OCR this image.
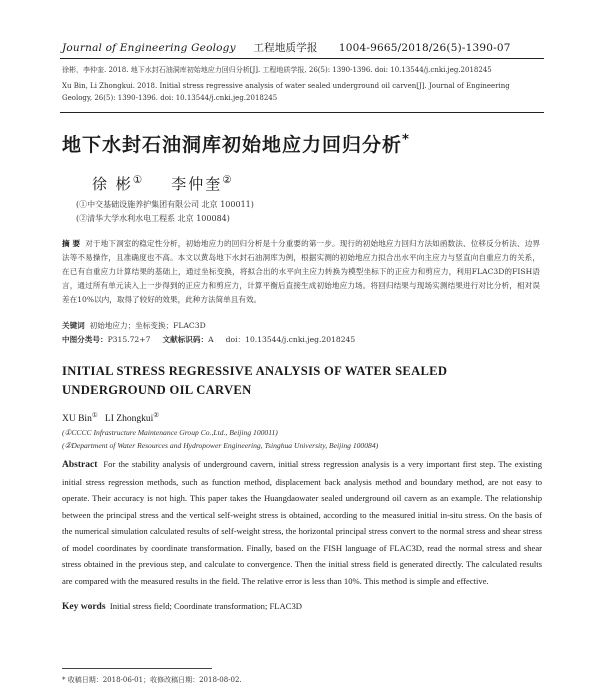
Journal of Engineering Geology 工程地质学报 1004-9665/2018/26(5)-1390-07
徐彬，李仲奎. 2018. 地下水封石油洞库初始地应力回归分析[J]. 工程地质学报, 26(5): 1390-1396. doi: 10.13544/j.cnki.jeg.2018245
Xu Bin, Li Zhongkui. 2018. Initial stress regressive analysis of water sealed underground oil carven[J]. Journal of Engineering Geology, 26(5): 1390-1396. doi: 10.13544/j.cnki.jeg.2018245
地下水封石油洞库初始地应力回归分析*
徐 彬① 李仲奎②
(①中交基础设施养护集团有限公司 北京 100011)
(②清华大学水利水电工程系 北京 100084)
摘 要 对于地下洞室的稳定性分析，初始地应力的回归分析是十分重要的第一步。现行的初始地应力回归方法如函数法、位移反分析法、边界法等不易操作，且准确度也不高。本文以黄岛地下水封石油洞库为例，根据实测的初始地应力拟合出水平向主应力与竖直向自重应力的关系，在已有自重应力计算结果的基础上，通过坐标变换，将拟合出的水平向主应力转换为模型坐标下的正应力和剪应力，利用FLAC3D的FISH语言，通过所有单元读入上一步得到的正应力和剪应力，计算平衡后直接生成初始地应力场。将回归结果与现场实测结果进行对比分析，相对误差在10%以内，取得了较好的效果，此种方法简单且有效。
关键词 初始地应力；坐标变换；FLAC3D
中图分类号：P315.72+7 文献标识码：A doi：10.13544/j.cnki.jeg.2018245
INITIAL STRESS REGRESSIVE ANALYSIS OF WATER SEALED UNDERGROUND OIL CARVEN
XU Bin① LI Zhongkui②
(①CCCC Infrastructure Maintenance Group Co.,Ltd., Beijing 100011)
(②Department of Water Resources and Hydropower Engineering, Tsinghua University, Beijing 100084)
Abstract For the stability analysis of underground cavern, initial stress regression analysis is a very important first step. The existing initial stress regression methods, such as function method, displacement back analysis method and boundary method, are not easy to operate. Their accuracy is not high. This paper takes the Huangdaowater sealed underground oil cavern as an example. The relationship between the principal stress and the vertical self-weight stress is obtained, according to the measured initial in-situ stress. On the basis of the numerical simulation calculated results of self-weight stress, the horizontal principal stress convert to the normal stress and shear stress of model coordinates by coordinate transformation. Finally, based on the FISH language of FLAC3D, read the normal stress and shear stress obtained in the previous step, and calculate to convergence. Then the initial stress field is generated directly. The calculated results are compared with the measured results in the field. The relative error is less than 10%. This method is simple and effective.
Key words Initial stress field; Coordinate transformation; FLAC3D
* 收稿日期：2018-06-01；收修改稿日期：2018-08-02.
